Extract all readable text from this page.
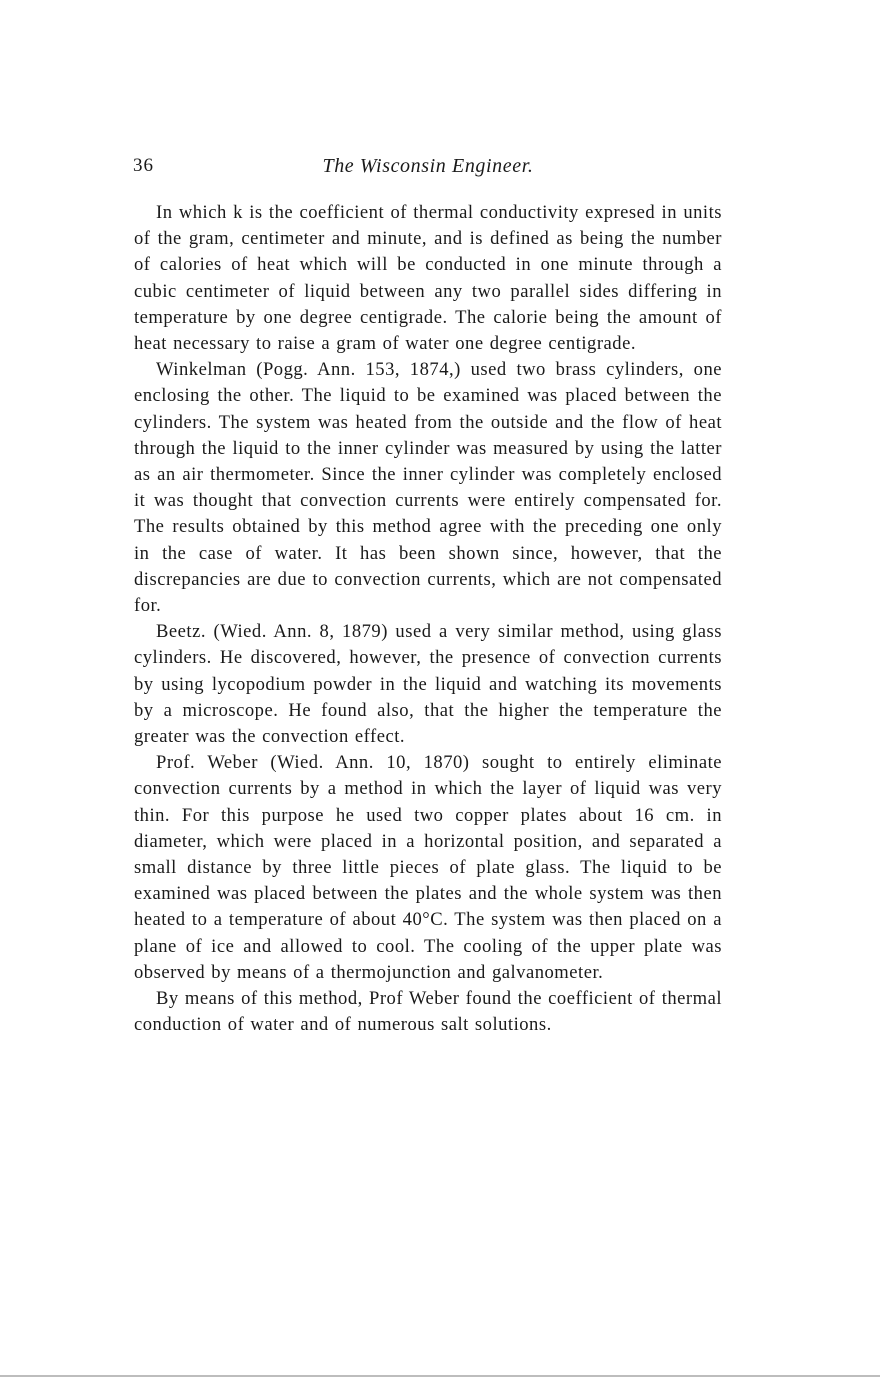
36	The Wisconsin Engineer.

In which k is the coefficient of thermal conductivity expresed in units of the gram, centimeter and minute, and is defined as being the number of calories of heat which will be conducted in one minute through a cubic centimeter of liquid between any two parallel sides differing in temperature by one degree centigrade. The calorie being the amount of heat necessary to raise a gram of water one degree centigrade.

Winkelman (Pogg. Ann. 153, 1874,) used two brass cylinders, one enclosing the other. The liquid to be examined was placed between the cylinders. The system was heated from the outside and the flow of heat through the liquid to the inner cylinder was measured by using the latter as an air thermometer. Since the inner cylinder was completely enclosed it was thought that convection currents were entirely compensated for. The results obtained by this method agree with the preceding one only in the case of water. It has been shown since, however, that the discrepancies are due to convection currents, which are not compensated for.

Beetz. (Wied. Ann. 8, 1879) used a very similar method, using glass cylinders. He discovered, however, the presence of convection currents by using lycopodium powder in the liquid and watching its movements by a microscope. He found also, that the higher the temperature the greater was the convection effect.

Prof. Weber (Wied. Ann. 10, 1870) sought to entirely eliminate convection currents by a method in which the layer of liquid was very thin. For this purpose he used two copper plates about 16 cm. in diameter, which were placed in a horizontal position, and separated a small distance by three little pieces of plate glass. The liquid to be examined was placed between the plates and the whole system was then heated to a temperature of about 40°C. The system was then placed on a plane of ice and allowed to cool. The cooling of the upper plate was observed by means of a thermojunction and galvanometer.

By means of this method, Prof Weber found the coefficient of thermal conduction of water and of numerous salt solutions.
